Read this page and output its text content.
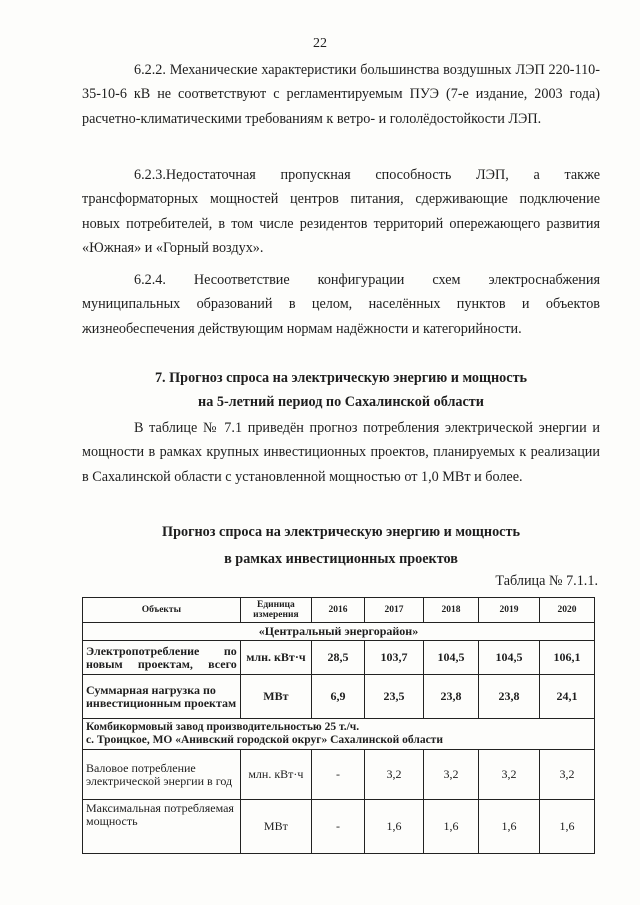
22
6.2.2. Механические характеристики большинства воздушных ЛЭП 220-110-35-10-6 кВ не соответствуют с регламентируемым ПУЭ (7-е издание, 2003 года) расчетно-климатическими требованиям к ветро- и гололёдостойкости ЛЭП.
6.2.3.Недостаточная пропускная способность ЛЭП, а также трансформаторных мощностей центров питания, сдерживающие подключение новых потребителей, в том числе резидентов территорий опережающего развития «Южная» и «Горный воздух».
6.2.4. Несоответствие конфигурации схем электроснабжения муниципальных образований в целом, населённых пунктов и объектов жизнеобеспечения действующим нормам надёжности и категорийности.
7. Прогноз спроса на электрическую энергию и мощность
на 5-летний период по Сахалинской области
В таблице № 7.1 приведён прогноз потребления электрической энергии и мощности в рамках крупных инвестиционных проектов, планируемых к реализации в Сахалинской области с установленной мощностью от 1,0 МВт и более.
Прогноз спроса на электрическую энергию и мощность
в рамках инвестиционных проектов
Таблица № 7.1.1.
Объекты	Единица измерения	2016	2017	2018	2019	2020
«Центральный энергорайон»						
Электропотребление по новым проектам, всего	млн. кВт·ч	28,5	103,7	104,5	104,5	106,1
Суммарная нагрузка по инвестиционным проектам	МВт	6,9	23,5	23,8	23,8	24,1

Комбикормовый завод производительностью 25 т./ч.
с. Троицкое, МО «Анивский городской округ» Сахалинской области						

Валовое потребление электрической энергии в год	млн. кВт·ч	-	3,2	3,2	3,2	3,2
Максимальная потребляемая мощность	МВт	-	1,6	1,6	1,6	1,6
